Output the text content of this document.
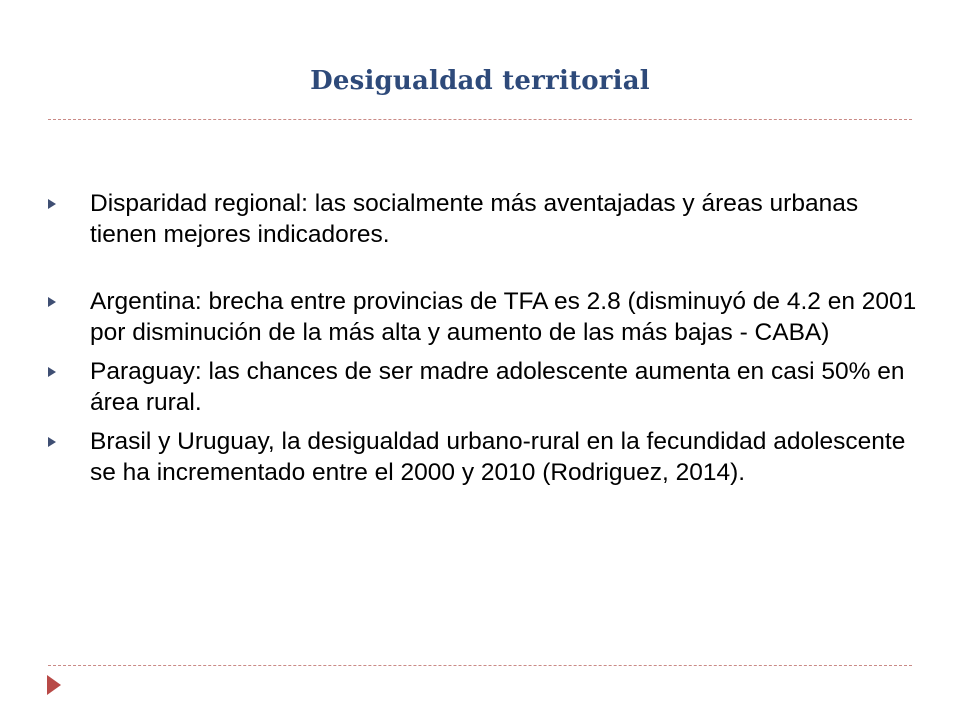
Desigualdad territorial
Disparidad regional: las socialmente más aventajadas y áreas urbanas tienen mejores indicadores.
Argentina: brecha entre provincias de TFA es 2.8 (disminuyó de 4.2 en 2001 por disminución de la más alta y aumento de las más bajas - CABA)
Paraguay: las chances de ser madre adolescente aumenta en casi 50% en área rural.
Brasil y Uruguay, la desigualdad urbano-rural en la fecundidad adolescente se ha incrementado entre el 2000 y 2010 (Rodriguez, 2014).
